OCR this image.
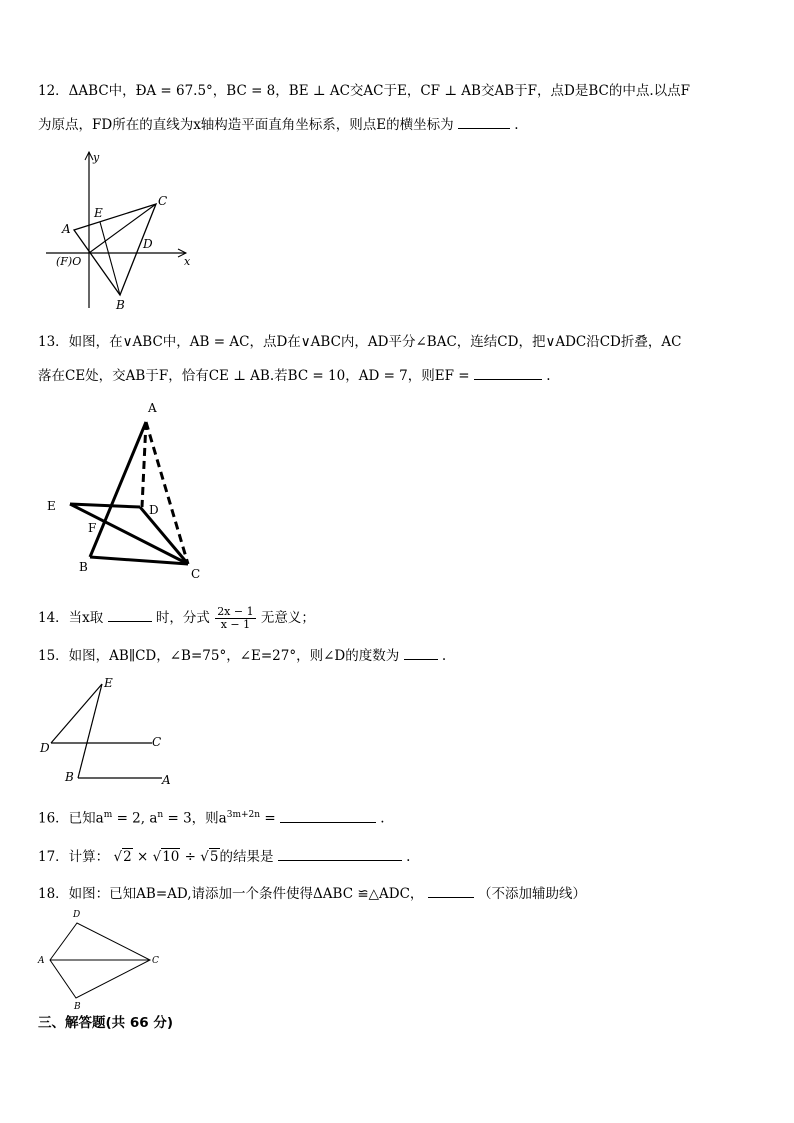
12．ΔABC中，ÐA = 67.5°，BC = 8，BE ⊥ AC交AC于E，CF ⊥ AB交AB于F，点D是BC的中点.以点F
为原点，FD所在的直线为x轴构造平面直角坐标系，则点E的横坐标为	.
y
x
A
E
C
D
(F)O
B
13．如图，在∨ABC中，AB = AC，点D在∨ABC内，AD平分∠BAC，连结CD，把∨ADC沿CD折叠，AC
落在CE处，交AB于F，恰有CE ⊥ AB.若BC = 10，AD = 7，则EF =	.
A
E	D
F
B	C
14．当x取	时，分式 $\frac{2x - 1}{x - 1}$ 无意义；
15．如图，AB∥CD，∠B=75°，∠E=27°，则∠D的度数为	.
E
D	C
B	A
16．已知$a^m = 2$, $a^n = 3$，则$a^{3m+2n}$ =	.
17．计算： √2 × √10 ÷ √5的结果是	.
18．如图：已知AB=AD,请添加一个条件使得ΔABC ≌△ADC，	（不添加辅助线）
D
A	C
B
三、解答题(共 66 分)
